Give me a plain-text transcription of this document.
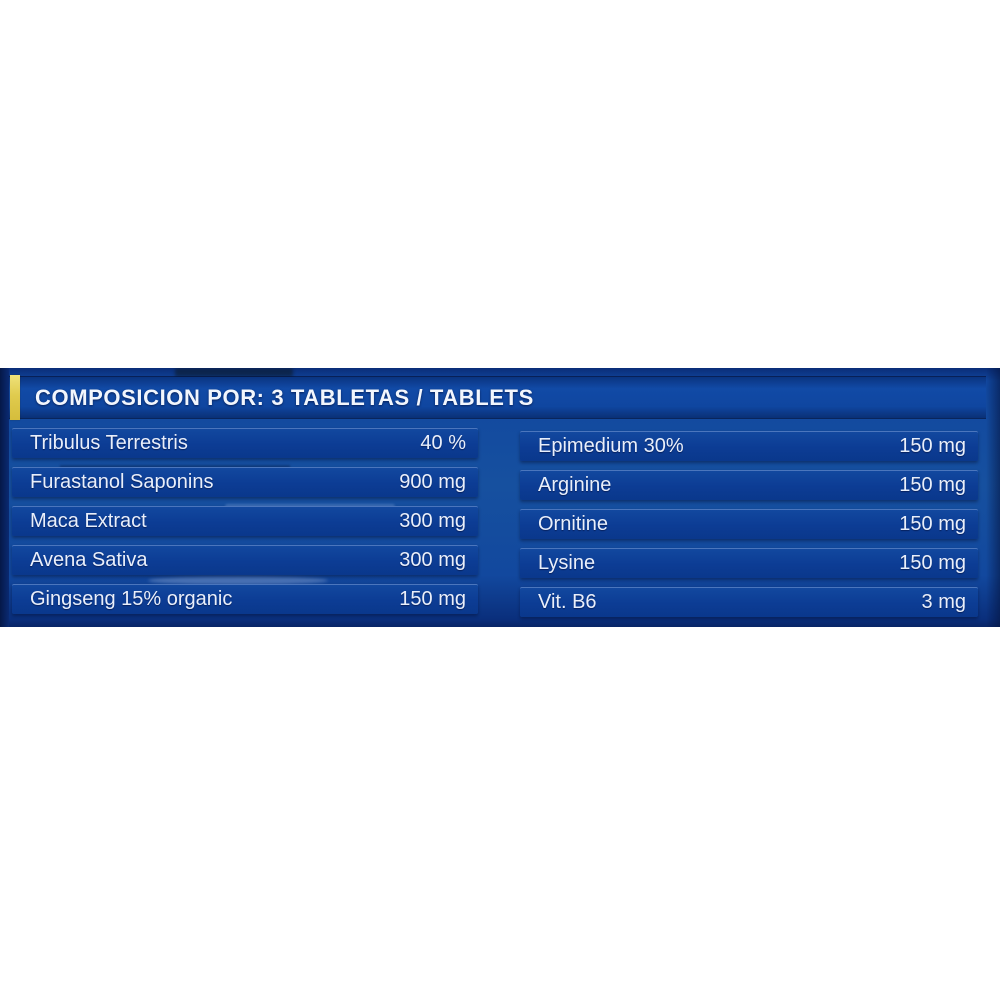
COMPOSICION POR: 3 TABLETAS / TABLETS
Tribulus Terrestris	40 %
Furastanol Saponins	900 mg
Maca Extract	300 mg
Avena Sativa	300 mg
Gingseng 15% organic	150 mg
Epimedium 30%	150 mg
Arginine	150 mg
Ornitine	150 mg
Lysine	150 mg
Vit. B6	3 mg
